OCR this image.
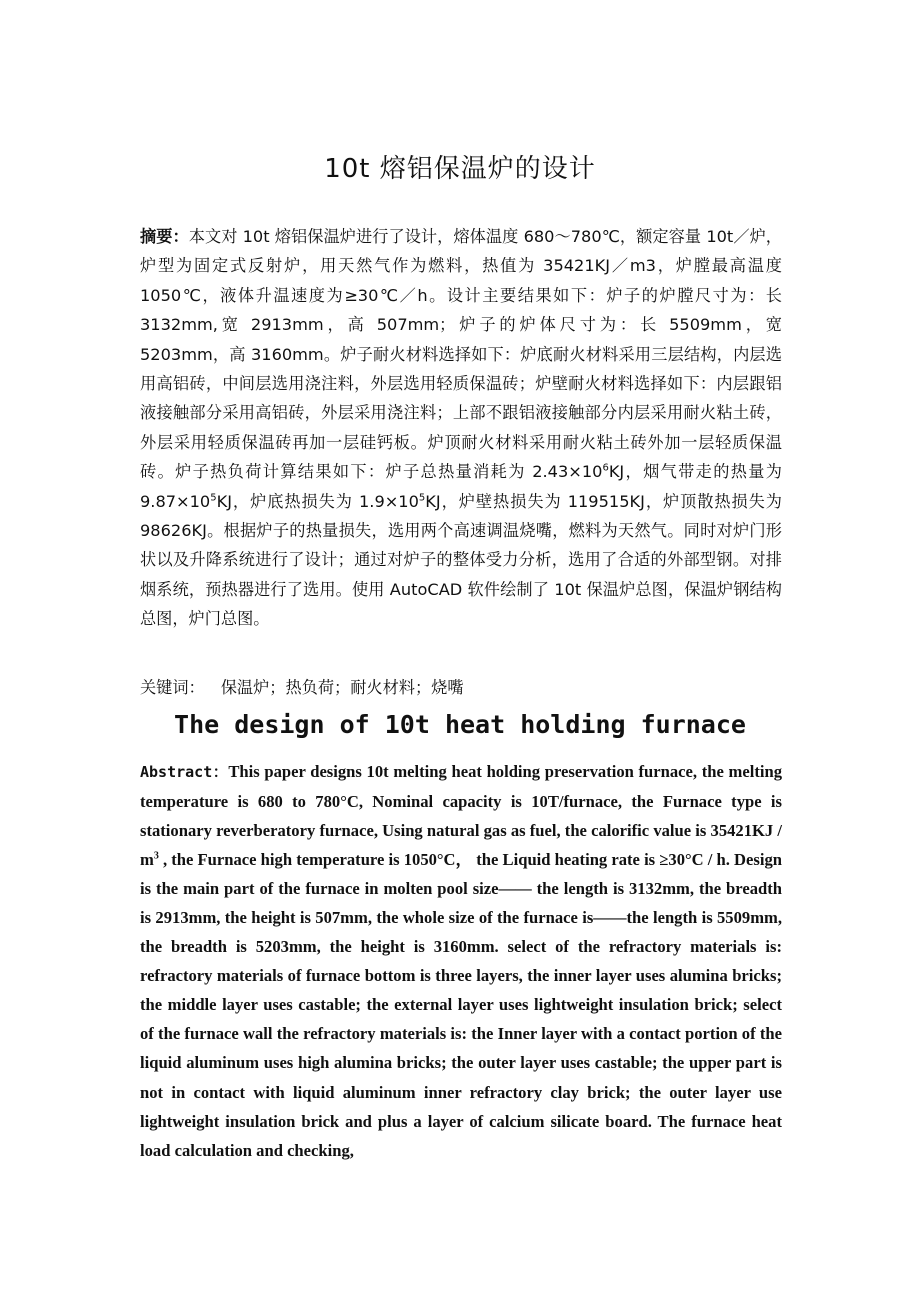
10t 熔铝保温炉的设计

摘要：本文对 10t 熔铝保温炉进行了设计，熔体温度 680～780℃，额定容量 10t／炉，炉型为固定式反射炉，用天然气作为燃料，热值为 35421KJ／m3，炉膛最高温度 1050℃，液体升温速度为≥30℃／h。设计主要结果如下：炉子的炉膛尺寸为：长 3132mm,宽 2913mm，高 507mm；炉子的炉体尺寸为：长 5509mm，宽 5203mm，高 3160mm。炉子耐火材料选择如下：炉底耐火材料采用三层结构，内层选用高铝砖，中间层选用浇注料，外层选用轻质保温砖；炉壁耐火材料选择如下：内层跟铝液接触部分采用高铝砖，外层采用浇注料；上部不跟铝液接触部分内层采用耐火粘土砖，外层采用轻质保温砖再加一层硅钙板。炉顶耐火材料采用耐火粘土砖外加一层轻质保温砖。炉子热负荷计算结果如下：炉子总热量消耗为 $2.43\times 10^6KJ$，烟气带走的热量为 $9.87\times 10^5KJ$，炉底热损失为 $1.9\times 10^5KJ$，炉壁热损失为 119515KJ，炉顶散热损失为 98626KJ。根据炉子的热量损失，选用两个高速调温烧嘴，燃料为天然气。同时对炉门形状以及升降系统进行了设计；通过对炉子的整体受力分析，选用了合适的外部型钢。对排烟系统，预热器进行了选用。使用 AutoCAD 软件绘制了 10t 保温炉总图，保温炉钢结构总图，炉门总图。

关键词： 保温炉；热负荷；耐火材料；烧嘴
The design of 10t heat holding furnace

Abstract：This paper designs 10t melting heat holding preservation furnace, the melting temperature is 680 to 780°C, Nominal capacity is 10T/furnace, the Furnace type is stationary reverberatory furnace, Using natural gas as fuel, the calorific value is $35421KJ / m^3$ , the Furnace high temperature is 1050°C， the Liquid heating rate is ≥30°C / h. Design is the main part of the furnace in molten pool size—— the length is 3132mm, the breadth is 2913mm, the height is 507mm, the whole size of the furnace is——the length is 5509mm, the breadth is 5203mm, the height is 3160mm. select of the refractory materials is: refractory materials of furnace bottom is three layers, the inner layer uses alumina bricks; the middle layer uses castable; the external layer uses lightweight insulation brick; select of the furnace wall the refractory materials is: the Inner layer with a contact portion of the liquid aluminum uses high alumina bricks; the outer layer uses castable; the upper part is not in contact with liquid aluminum inner refractory clay brick; the outer layer use lightweight insulation brick and plus a layer of calcium silicate board. The furnace heat load calculation and checking,
